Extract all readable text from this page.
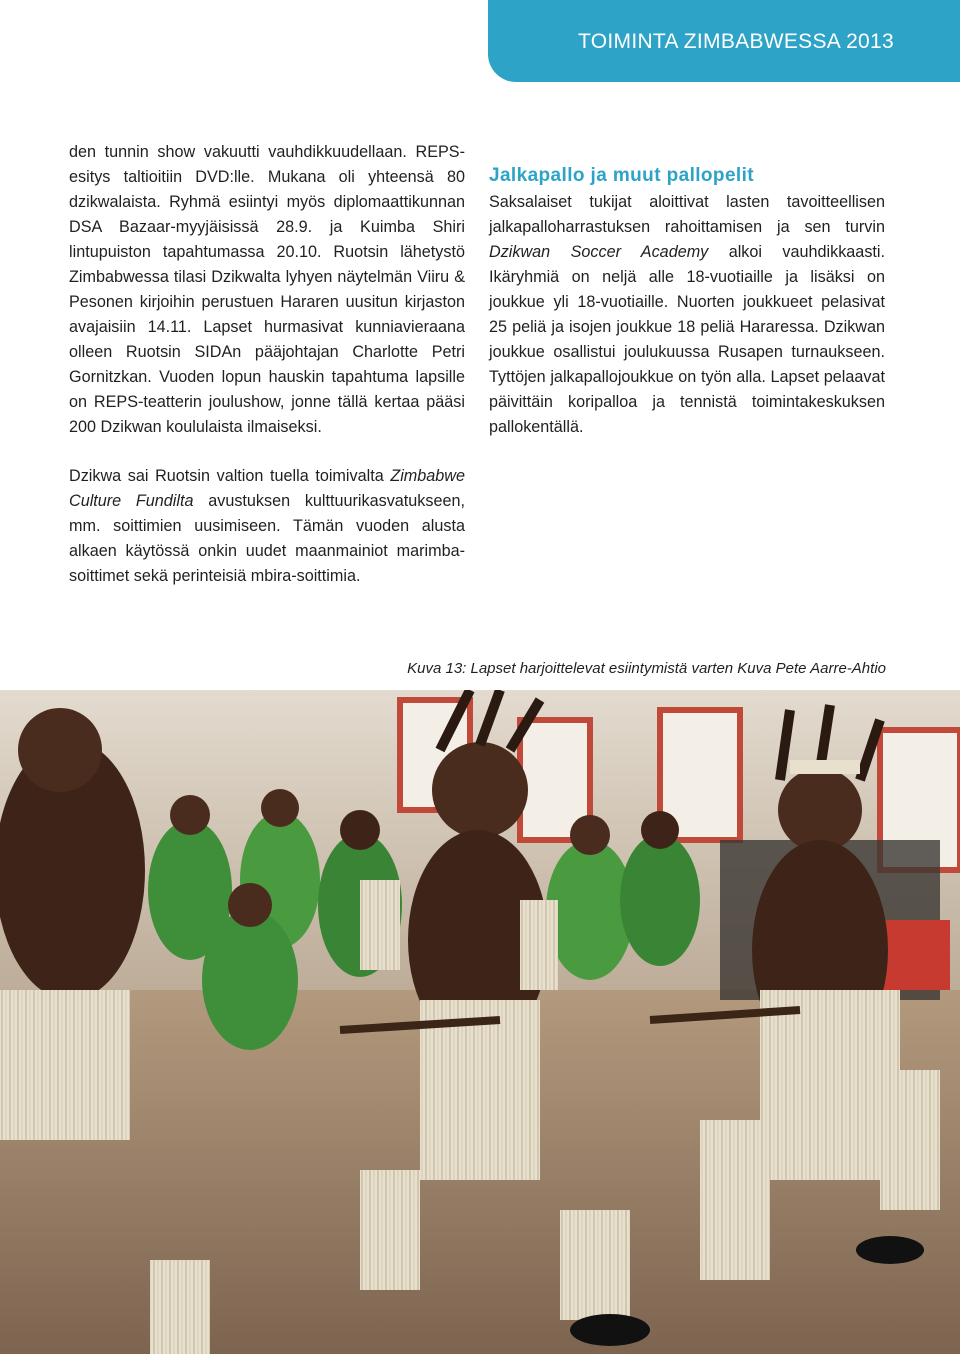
TOIMINTA ZIMBABWESSA 2013

den tunnin show vakuutti vauhdikkuudellaan. REPS-esitys taltioitiin DVD:lle. Mukana oli yhteensä 80 dzikwalaista. Ryhmä esiintyi myös diplomaattikunnan DSA Bazaar-myyjäisissä 28.9. ja Kuimba Shiri lintupuiston tapahtumassa 20.10. Ruotsin lähetystö Zimbabwessa tilasi Dzikwalta lyhyen näytelmän Viiru & Pesonen kirjoihin perustuen Hararen uusitun kirjaston avajaisiin 14.11. Lapset hurmasivat kunniavieraana olleen Ruotsin SIDAn pääjohtajan Charlotte Petri Gornitzkan. Vuoden lopun hauskin tapahtuma lapsille on REPS-teatterin joulushow, jonne tällä kertaa pääsi 200 Dzikwan koululaista ilmaiseksi.

Dzikwa sai Ruotsin valtion tuella toimivalta Zimbabwe Culture Fundilta avustuksen kulttuurikasvatukseen, mm. soittimien uusimiseen. Tämän vuoden alusta alkaen käytössä onkin uudet maanmainiot marimba-soittimet sekä perinteisiä mbira-soittimia.

Jalkapallo ja muut pallopelit

Saksalaiset tukijat aloittivat lasten tavoitteellisen jalkapalloharrastuksen rahoittamisen ja sen turvin Dzikwan Soccer Academy alkoi vauhdikkaasti. Ikäryhmiä on neljä alle 18-vuotiaille ja lisäksi on joukkue yli 18-vuotiaille. Nuorten joukkueet pelasivat 25 peliä ja isojen joukkue 18 peliä Hararessa. Dzikwan joukkue osallistui joulukuussa Rusapen turnaukseen. Tyttöjen jalkapallojoukkue on työn alla. Lapset pelaavat päivittäin koripalloa ja tennistä toimintakeskuksen pallokentällä.

Kuva 13: Lapset harjoittelevat esiintymistä varten Kuva Pete Aarre-Ahtio
